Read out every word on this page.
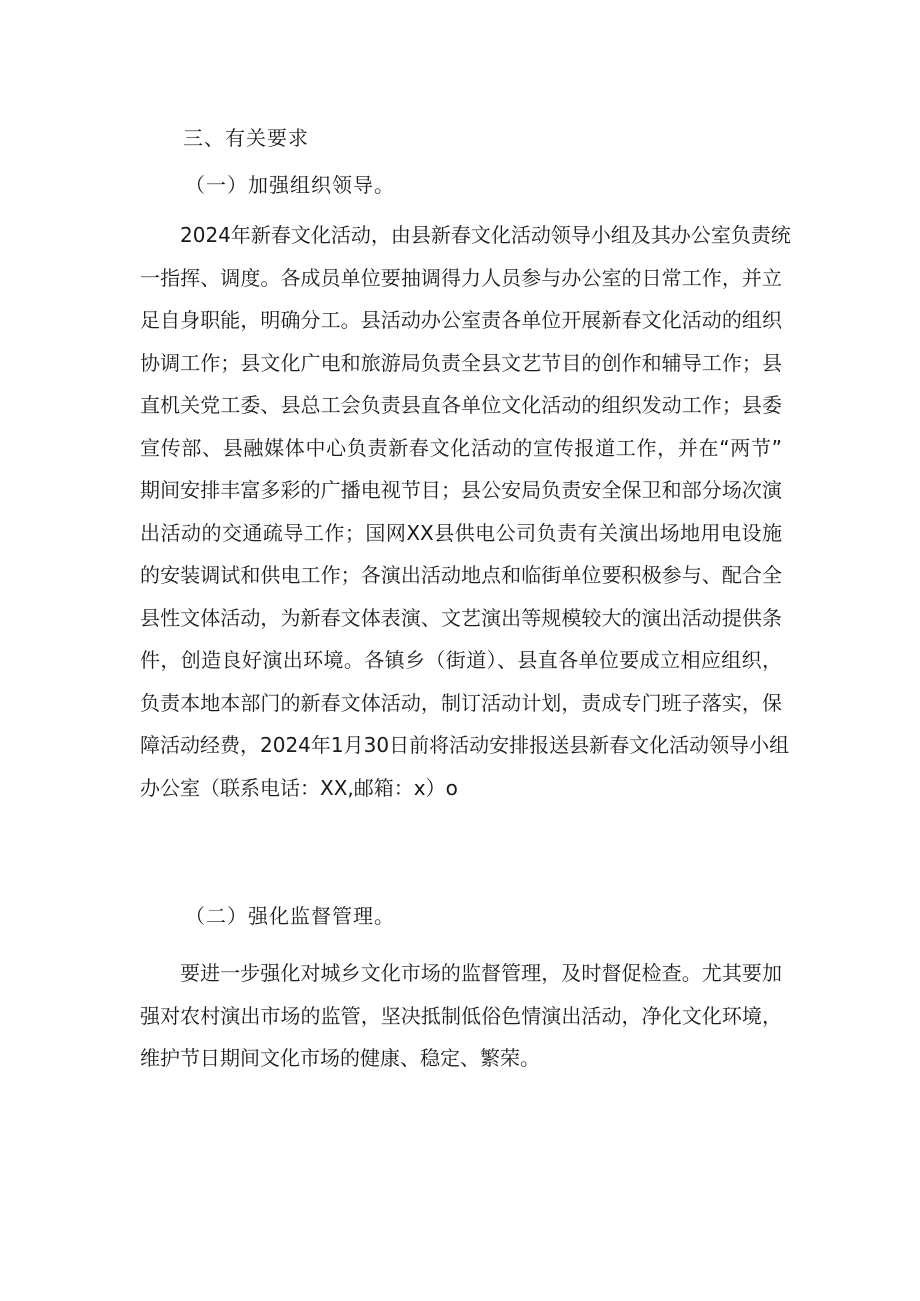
三、有关要求
（一）加强组织领导。
2024年新春文化活动，由县新春文化活动领导小组及其办公室负责统
一指挥、调度。各成员单位要抽调得力人员参与办公室的日常工作，并立
足自身职能，明确分工。县活动办公室责各单位开展新春文化活动的组织
协调工作；县文化广电和旅游局负责全县文艺节目的创作和辅导工作；县
直机关党工委、县总工会负责县直各单位文化活动的组织发动工作；县委
宣传部、县融媒体中心负责新春文化活动的宣传报道工作，并在“两节”
期间安排丰富多彩的广播电视节目；县公安局负责安全保卫和部分场次演
出活动的交通疏导工作；国网XX县供电公司负责有关演出场地用电设施
的安装调试和供电工作；各演出活动地点和临街单位要积极参与、配合全
县性文体活动，为新春文体表演、文艺演出等规模较大的演出活动提供条
件，创造良好演出环境。各镇乡（街道）、县直各单位要成立相应组织，
负责本地本部门的新春文体活动，制订活动计划，责成专门班子落实，保
障活动经费，2024年1月30日前将活动安排报送县新春文化活动领导小组
办公室（联系电话：XX,邮箱：x）o
（二）强化监督管理。
要进一步强化对城乡文化市场的监督管理，及时督促检查。尤其要加
强对农村演出市场的监管，坚决抵制低俗色情演出活动，净化文化环境，
维护节日期间文化市场的健康、稳定、繁荣。
